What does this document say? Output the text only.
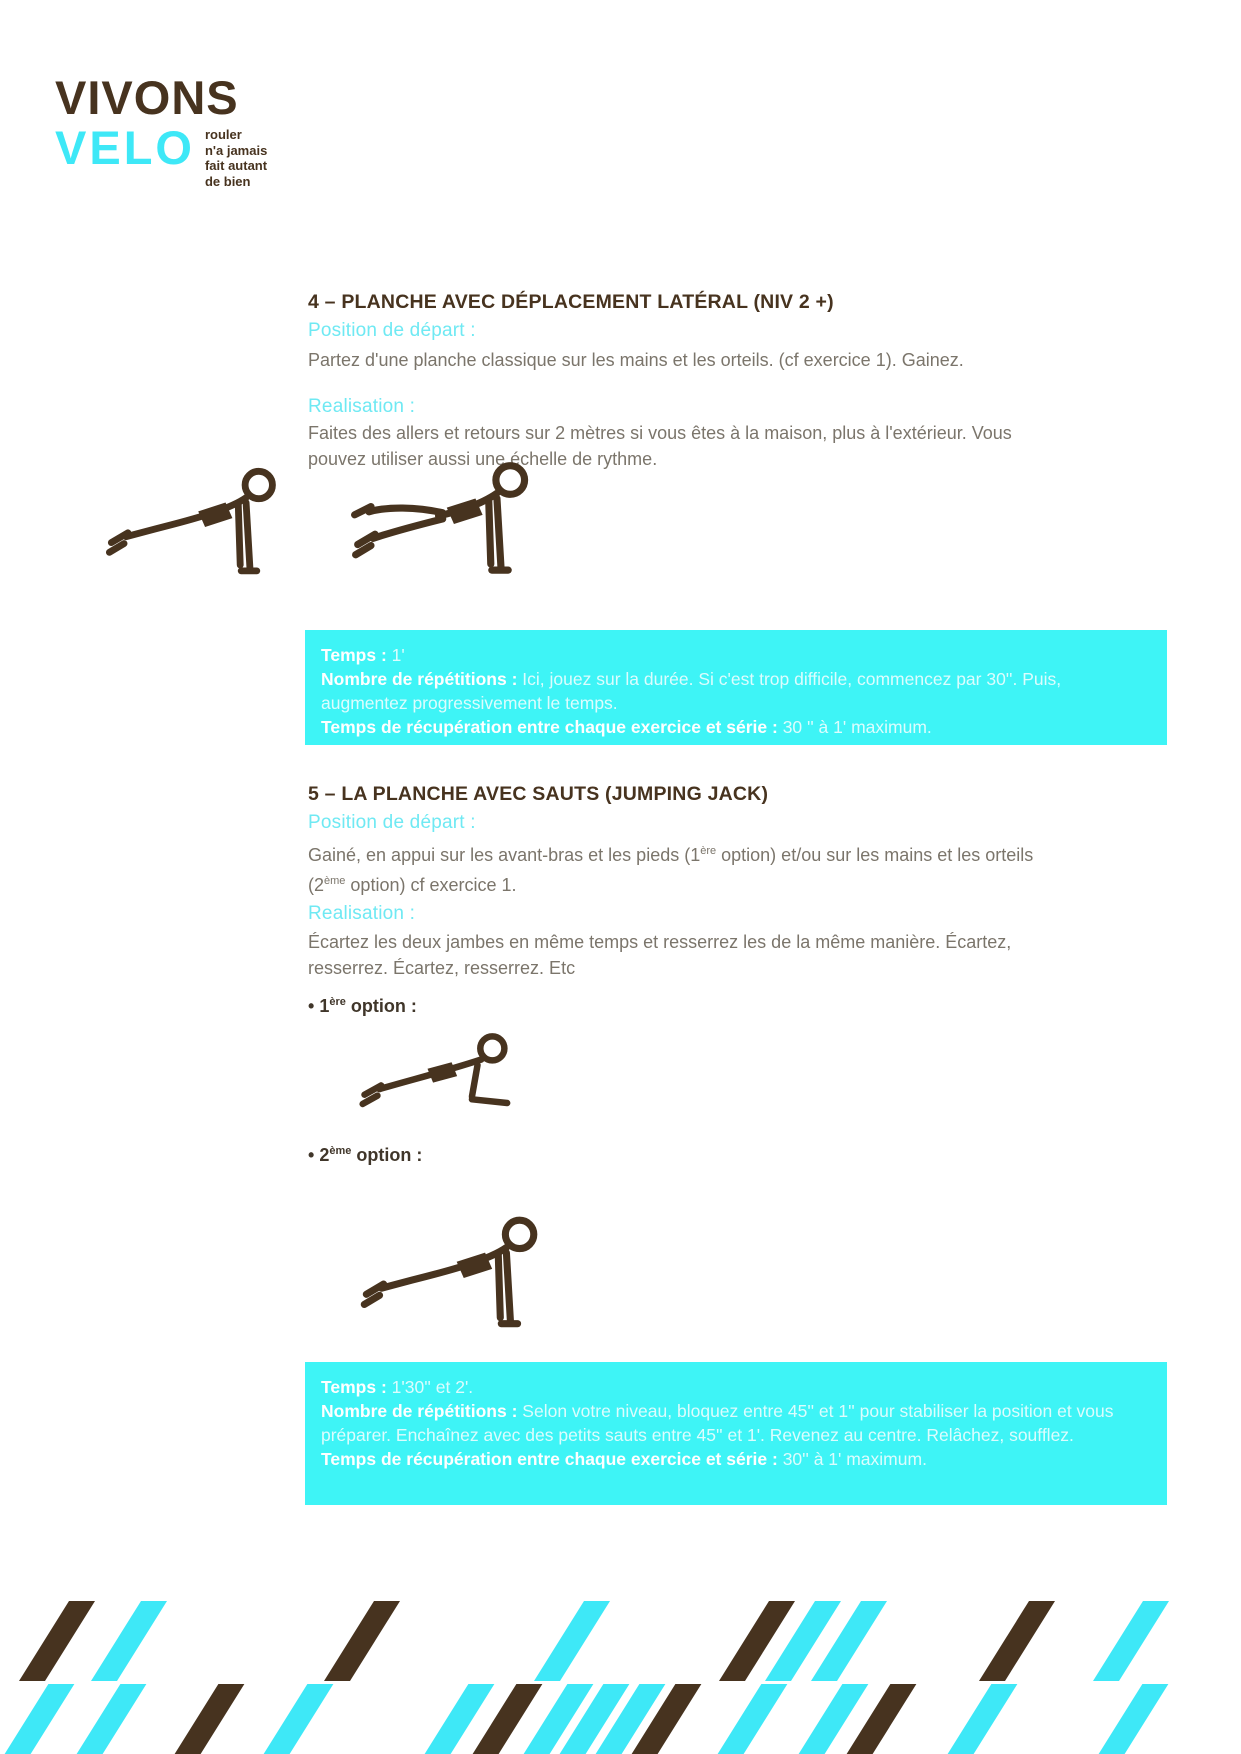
VIVONS
VELO rouler
n'a jamais
fait autant
de bien
4 – PLANCHE AVEC DÉPLACEMENT LATÉRAL (NIV 2 +)
Position de départ :
Partez d'une planche classique sur les mains et les orteils. (cf exercice 1). Gainez.
Realisation :
Faites des allers et retours sur 2 mètres si vous êtes à la maison, plus à l'extérieur. Vous pouvez utiliser aussi une échelle de rythme.
Temps : 1'
Nombre de répétitions : Ici, jouez sur la durée. Si c'est trop difficile, commencez par 30''. Puis, augmentez progressivement le temps.
Temps de récupération entre chaque exercice et série : 30 '' à 1' maximum.
5 – LA PLANCHE AVEC SAUTS (JUMPING JACK)
Position de départ :
Gainé, en appui sur les avant-bras et les pieds (1ère option) et/ou sur les mains et les orteils
(2ème option) cf exercice 1.
Realisation :
Écartez les deux jambes en même temps et resserrez les de la même manière. Écartez, resserrez. Écartez, resserrez. Etc
• 1ère option :
• 2ème option :
Temps : 1'30'' et 2'.
Nombre de répétitions : Selon votre niveau, bloquez entre 45'' et 1'' pour stabiliser la position et vous préparer. Enchaînez avec des petits sauts entre 45'' et 1'. Revenez au centre. Relâchez, soufflez.
Temps de récupération entre chaque exercice et série : 30'' à 1' maximum.
